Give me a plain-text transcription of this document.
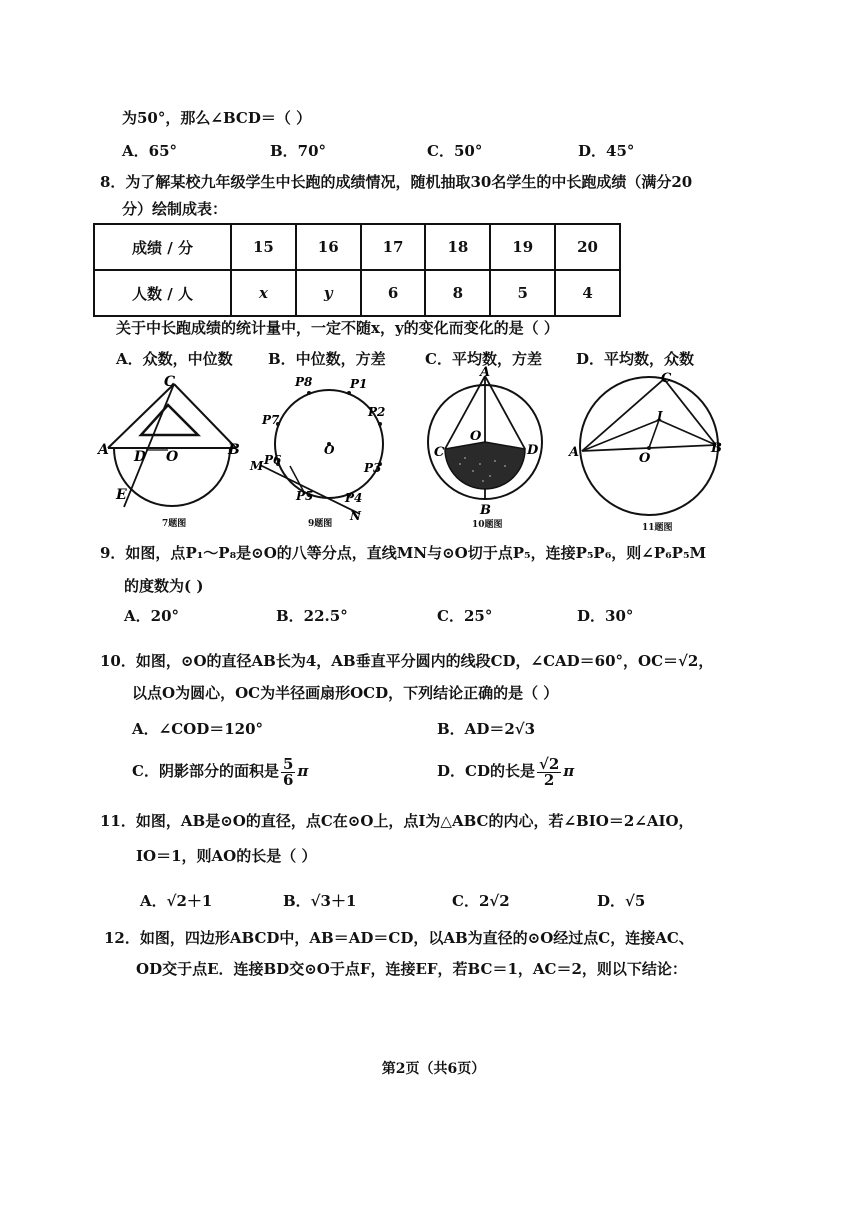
为50°，那么∠BCD＝（ ）
A．65°	B．70°	C．50°	D．45°
8．为了解某校九年级学生中长跑的成绩情况，随机抽取30名学生的中长跑成绩（满分20
分）绘制成表：
成绩 / 分	15	16	17	18	19	20
人数 / 人	x	y	6	8	5	4
关于中长跑成绩的统计量中，一定不随x，y的变化而变化的是（ ）
A．众数，中位数 B．中位数，方差	C．平均数，方差 D．平均数，众数
C
A	B
D O
E
7题图
P8	P1
P2
P3
P4
P5
P6
P7
M
N
O
9题图
A
C	D
O
B
10题图
C
A	B
I
O
11题图
9．如图，点P₁～P₈是⊙O的八等分点，直线MN与⊙O切于点P₅，连接P₅P₆，则∠P₆P₅M
的度数为( )
A．20°	B．22.5°	C．25°	D．30°
10．如图，⊙O的直径AB长为4，AB垂直平分圆内的线段CD，∠CAD＝60°，OC＝√2，
以点O为圆心，OC为半径画扇形OCD，下列结论正确的是（ ）
A．∠COD＝120°	B．AD＝2√3
C．阴影部分的面积是 $\frac{5}{6}$ π	D．CD的长是 $\frac{√2}{2}$ π
11．如图，AB是⊙O的直径，点C在⊙O上，点I为△ABC的内心，若∠BIO＝2∠AIO，
IO＝1，则AO的长是（ ）
A．√2＋1	B．√3＋1	C．2√2	D．√5
12．如图，四边形ABCD中，AB＝AD＝CD，以AB为直径的⊙O经过点C，连接AC、
OD交于点E．连接BD交⊙O于点F，连接EF，若BC＝1，AC＝2，则以下结论：
第2页（共6页）
